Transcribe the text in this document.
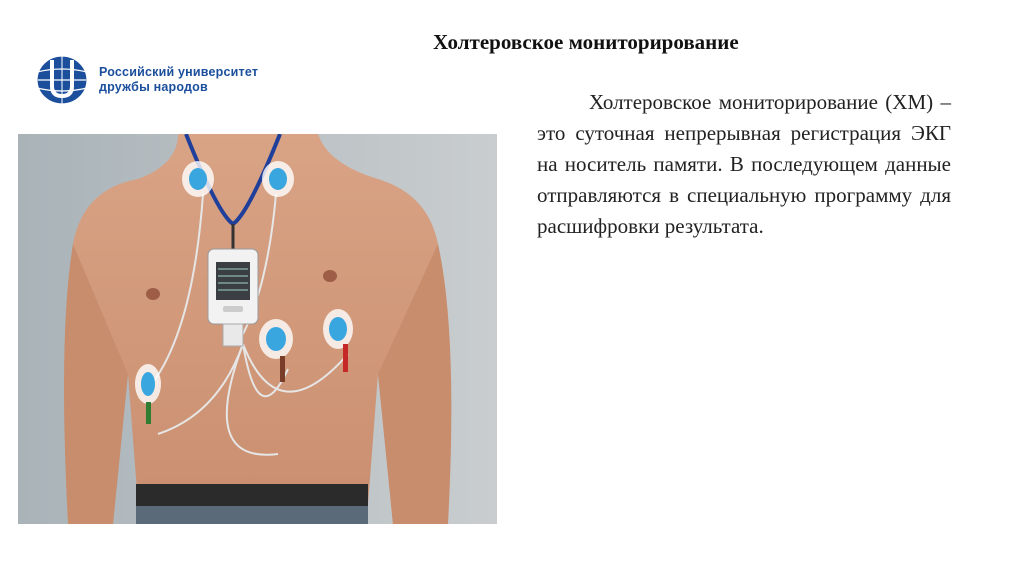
Российский университет
дружбы народов
Холтеровское мониторирование
Холтеровское мониторирование (ХМ) – это суточная непрерывная регистрация ЭКГ на носитель памяти. В последующем данные отправляются в специальную программу для расшифровки результата.
